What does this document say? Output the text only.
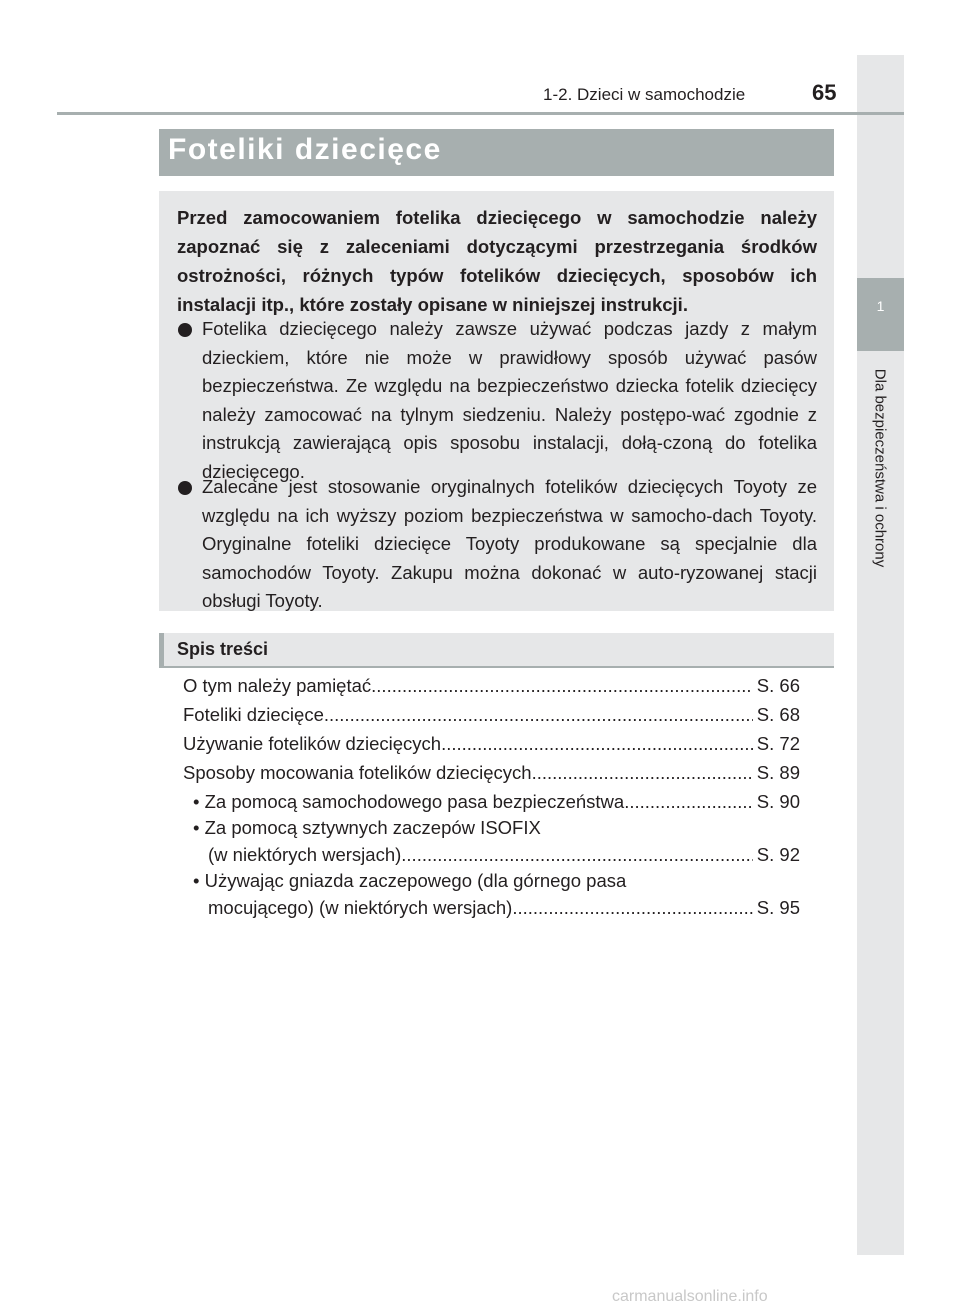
1
Dla bezpieczeństwa i ochrony
1-2. Dzieci w samochodzie	65
Foteliki dziecięce
Przed zamocowaniem fotelika dziecięcego w samochodzie należy zapoznać się z zaleceniami dotyczącymi przestrzegania środków ostrożności, różnych typów fotelików dziecięcych, sposobów ich instalacji itp., które zostały opisane w niniejszej instrukcji.
Fotelika dziecięcego należy zawsze używać podczas jazdy z małym dzieckiem, które nie może w prawidłowy sposób używać pasów bezpieczeństwa. Ze względu na bezpieczeństwo dziecka fotelik dziecięcy należy zamocować na tylnym siedzeniu. Należy postępo-wać zgodnie z instrukcją zawierającą opis sposobu instalacji, dołą-czoną do fotelika dziecięcego.
Zalecane jest stosowanie oryginalnych fotelików dziecięcych Toyoty ze względu na ich wyższy poziom bezpieczeństwa w samocho-dach Toyoty. Oryginalne foteliki dziecięce Toyoty produkowane są specjalnie dla samochodów Toyoty. Zakupu można dokonać w auto-ryzowanej stacji obsługi Toyoty.
Spis treści
O tym należy pamiętać .....	S. 66
Foteliki dziecięce .....	S. 68
Używanie fotelików dziecięcych .....	S. 72
Sposoby mocowania fotelików dziecięcych .....	S. 89
• Za pomocą samochodowego pasa bezpieczeństwa .....	S. 90
• Za pomocą sztywnych zaczepów ISOFIX
(w niektórych wersjach) .....	S. 92
• Używając gniazda zaczepowego (dla górnego pasa
mocującego) (w niektórych wersjach) .....	S. 95
carmanualsonline.info
